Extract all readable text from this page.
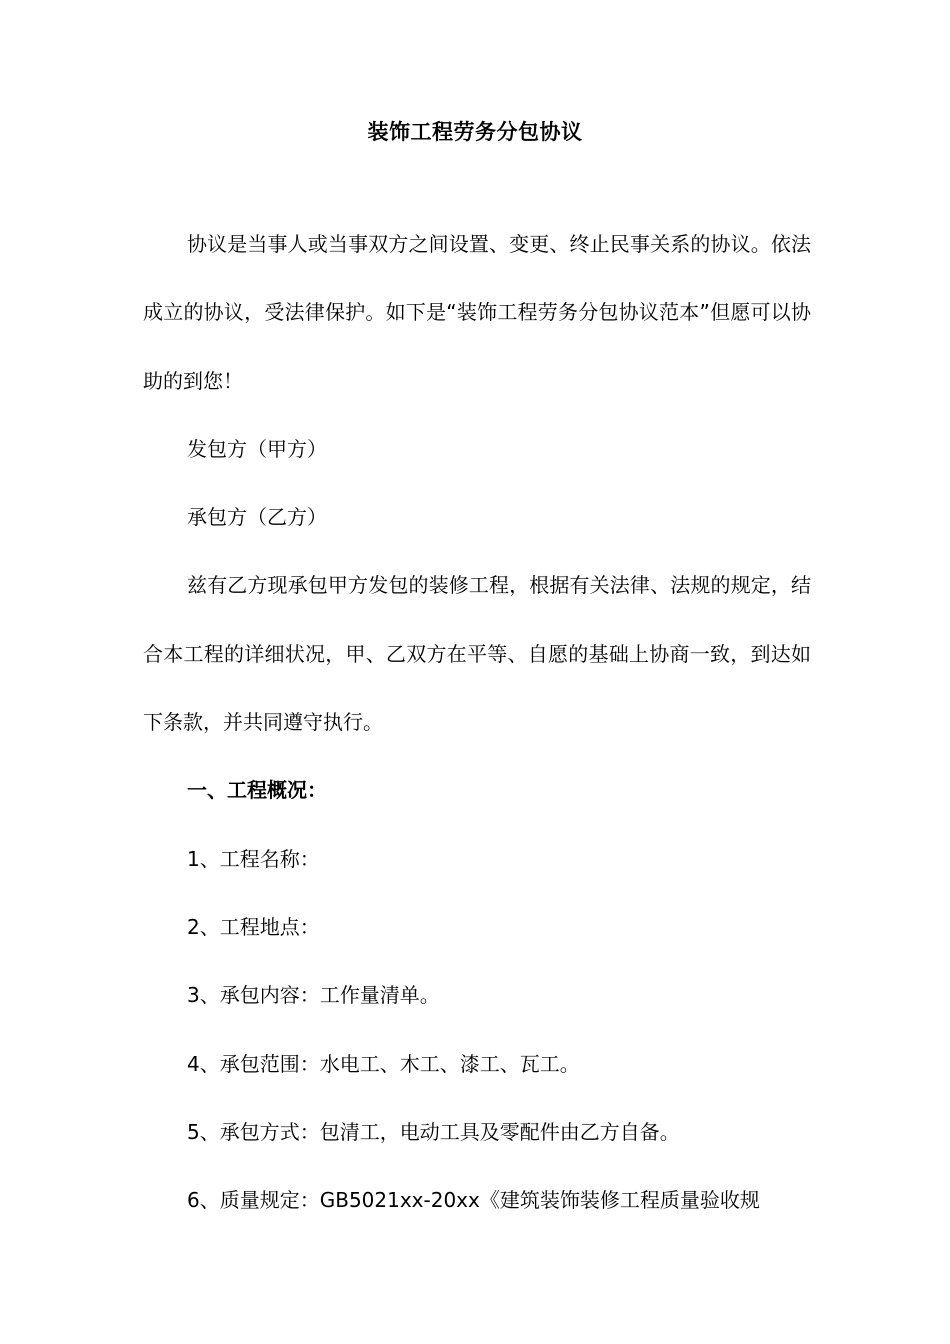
装饰工程劳务分包协议

协议是当事人或当事双方之间设置、变更、终止民事关系的协议。依法成立的协议，受法律保护。如下是“装饰工程劳务分包协议范本”但愿可以协助的到您！

发包方（甲方）

承包方（乙方）

兹有乙方现承包甲方发包的装修工程，根据有关法律、法规的规定，结合本工程的详细状况，甲、乙双方在平等、自愿的基础上协商一致，到达如下条款，并共同遵守执行。

一、工程概况：

1、工程名称：

2、工程地点：

3、承包内容：工作量清单。

4、承包范围：水电工、木工、漆工、瓦工。

5、承包方式：包清工，电动工具及零配件由乙方自备。

6、质量规定：GB5021xx-20xx《建筑装饰装修工程质量验收规
